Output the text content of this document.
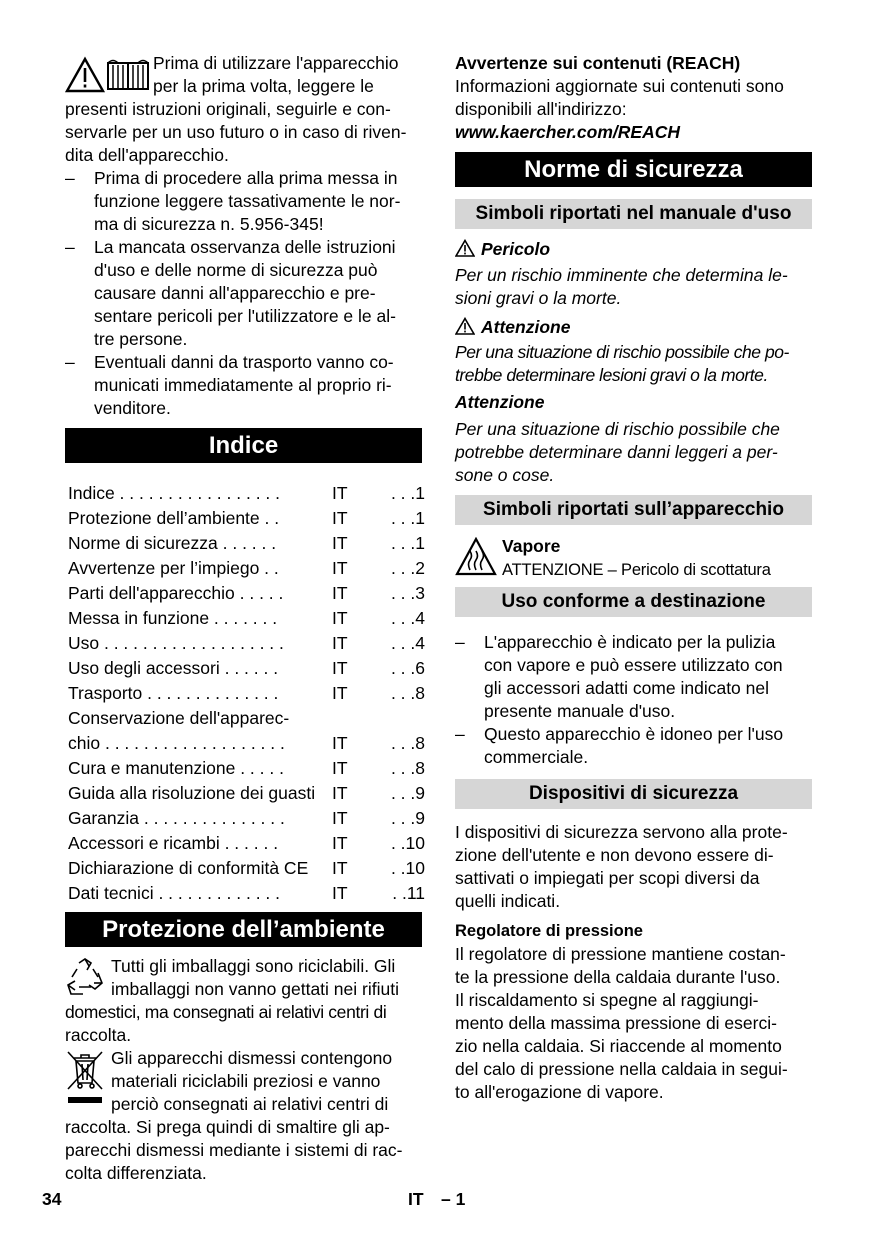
Prima di utilizzare l'apparecchio
per la prima volta, leggere le
presenti istruzioni originali, seguirle e con-
servarle per un uso futuro o in caso di riven-
dita dell'apparecchio.

– Prima di procedere alla prima messa in
funzione leggere tassativamente le nor-
ma di sicurezza n. 5.956-345!
– La mancata osservanza delle istruzioni
d'uso e delle norme di sicurezza può
causare danni all'apparecchio e pre-
sentare pericoli per l'utilizzatore e le al-
tre persone.
– Eventuali danni da trasporto vanno co-
municati immediatamente al proprio ri-
venditore.
Indice
Indice . . . . . . . . . . . . . . . . .	IT	. . .1
Protezione dell’ambiente . .	IT	. . .1
Norme di sicurezza . . . . . .	IT	. . .1
Avvertenze per l’impiego . .	IT	. . .2
Parti dell'apparecchio . . . . .	IT	. . .3
Messa in funzione . . . . . . .	IT	. . .4
Uso . . . . . . . . . . . . . . . . . . .	IT	. . .4
Uso degli accessori . . . . . .	IT	. . .6
Trasporto . . . . . . . . . . . . . .	IT	. . .8
Conservazione dell'apparec-		
chio . . . . . . . . . . . . . . . . . . .	IT	. . .8
Cura e manutenzione . . . . .	IT	. . .8
Guida alla risoluzione dei guasti	IT	. . .9
Garanzia . . . . . . . . . . . . . . .	IT	. . .9
Accessori e ricambi . . . . . .	IT	. .10
Dichiarazione di conformità CE	IT	. .10
Dati tecnici . . . . . . . . . . . . .	IT	. .11
Protezione dell’ambiente

Tutti gli imballaggi sono riciclabili. Gli
imballaggi non vanno gettati nei rifiuti
domestici, ma consegnati ai relativi centri di
raccolta.

Gli apparecchi dismessi contengono
materiali riciclabili preziosi e vanno
perciò consegnati ai relativi centri di
raccolta. Si prega quindi di smaltire gli ap-
parecchi dismessi mediante i sistemi di rac-
colta differenziata.

Avvertenze sui contenuti (REACH)

Informazioni aggiornate sui contenuti sono
disponibili all'indirizzo:

www.kaercher.com/REACH

Norme di sicurezza
Simboli riportati nel manuale d'uso

Pericolo

Per un rischio imminente che determina le-
sioni gravi o la morte.

Attenzione

Per una situazione di rischio possibile che po-
trebbe determinare lesioni gravi o la morte.

Attenzione

Per una situazione di rischio possibile che
potrebbe determinare danni leggeri a per-
sone o cose.

Simboli riportati sull’apparecchio
Vapore
ATTENZIONE – Pericolo di scottatura
Uso conforme a destinazione
– L'apparecchio è indicato per la pulizia
con vapore e può essere utilizzato con
gli accessori adatti come indicato nel
presente manuale d'uso.
– Questo apparecchio è idoneo per l'uso
commerciale.
Dispositivi di sicurezza

I dispositivi di sicurezza servono alla prote-
zione dell'utente e non devono essere di-
sattivati o impiegati per scopi diversi da
quelli indicati.

Regolatore di pressione

Il regolatore di pressione mantiene costan-
te la pressione della caldaia durante l'uso.
Il riscaldamento si spegne al raggiungi-
mento della massima pressione di eserci-
zio nella caldaia. Si riaccende al momento
del calo di pressione nella caldaia in segui-
to all'erogazione di vapore.

34	IT – 1
